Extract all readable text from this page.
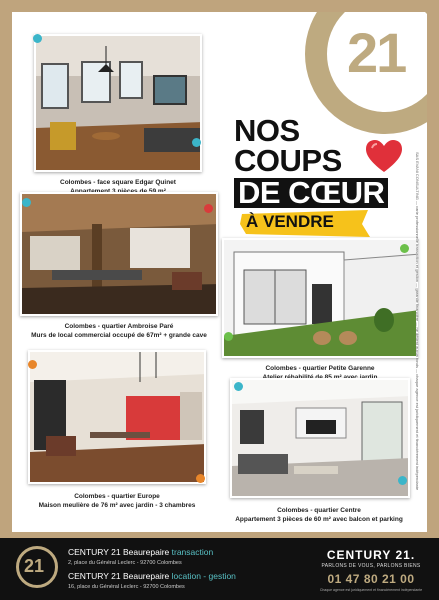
21
Colombes - face square Edgar Quinet
NOS
COUPS
DE CŒUR
À VENDRE
Colombes - quartier Ambroise Paré
Murs de local commercial occupé de 67m² + grande cave
Colombes - quartier Petite Garenne
Colombes - quartier Europe
Maison meulière de 76 m² avec jardin - 3 chambres
Colombes - quartier Centre
Appartement 3 pièces de 60 m² avec balcon et parking
SAS EVANI CONSULTING — carte professionnelle transaction et gestion — garantie financière — ne détient aucun fonds — chaque agence est juridiquement et financièrement indépendante
21
CENTURY 21 Beaurepaire transaction
2, place du Général Leclerc - 92700 Colombes
CENTURY 21 Beaurepaire location - gestion
16, place du Général Leclerc - 92700 Colombes
CENTURY 21.
PARLONS DE VOUS, PARLONS BIENS
01 47 80 21 00
Chaque agence est juridiquement et financièrement indépendante
